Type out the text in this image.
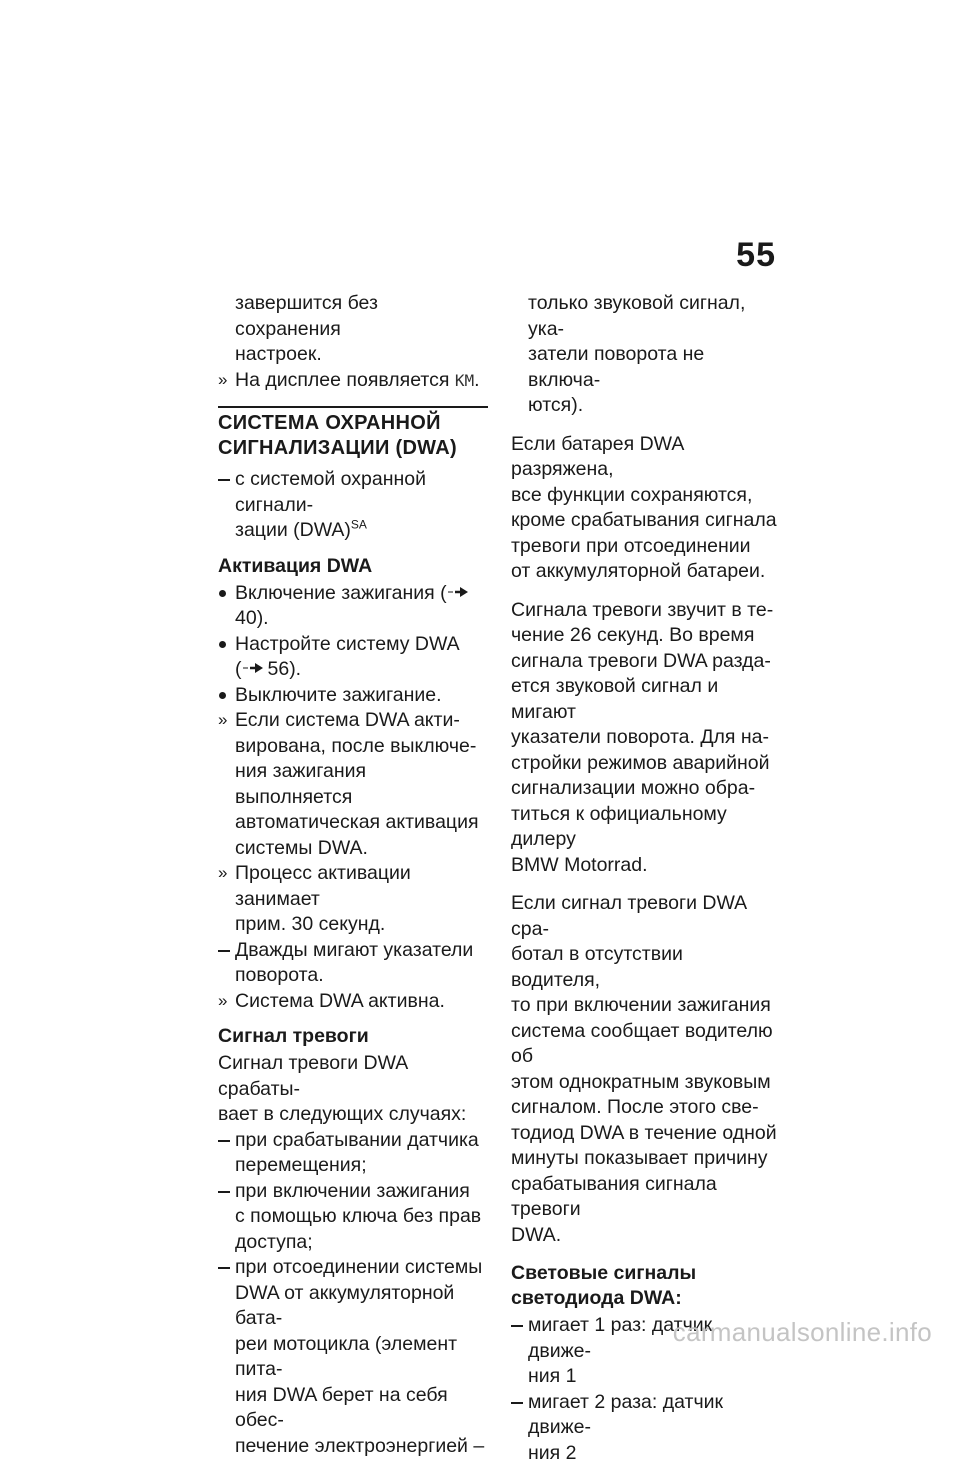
55

завершится без сохранения

настроек.

На дисплее появляется KM.
СИСТЕМА ОХРАННОЙ
СИГНАЛИЗАЦИИ (DWA)
с системой охранной сигнали-
зации (DWA)$^{SA}$
Активация DWA
Включение зажигания (40).
Настройте систему DWA
( 56).
Выключите зажигание.
Если система DWA акти-
вирована, после выключе-
ния зажигания выполняется
автоматическая активация
системы DWA.
Процесс активации занимает
прим. 30 секунд.
Дважды мигают указатели
поворота.
Система DWA активна.
Сигнал тревоги

Сигнал тревоги DWA срабаты-

вает в следующих случаях:

при срабатывании датчика
перемещения;
при включении зажигания
с помощью ключа без прав
доступа;
при отсоединении системы
DWA от аккумуляторной бата-
реи мотоцикла (элемент пита-
ния DWA берет на себя обес-
печение электроэнергией –
только звуковой сигнал, ука-
затели поворота не включа-
ются).
Если батарея DWA разряжена,
все функции сохраняются,
кроме срабатывания сигнала
тревоги при отсоединении
от аккумуляторной батареи.
Сигнала тревоги звучит в те-
чение 26 секунд. Во время
сигнала тревоги DWA разда-
ется звуковой сигнал и мигают
указатели поворота. Для на-
стройки режимов аварийной
сигнализации можно обра-
титься к официальному дилеру
BMW Motorrad.
Если сигнал тревоги DWA сра-
ботал в отсутствии водителя,
то при включении зажигания
система сообщает водителю об
этом однократным звуковым
сигналом. После этого све-
тодиод DWA в течение одной
минуты показывает причину
срабатывания сигнала тревоги
DWA.
Световые сигналы
светодиода DWA:
мигает 1 раз: датчик движе-
ния 1
мигает 2 раза: датчик движе-
ния 2
carmanualsonline.info
